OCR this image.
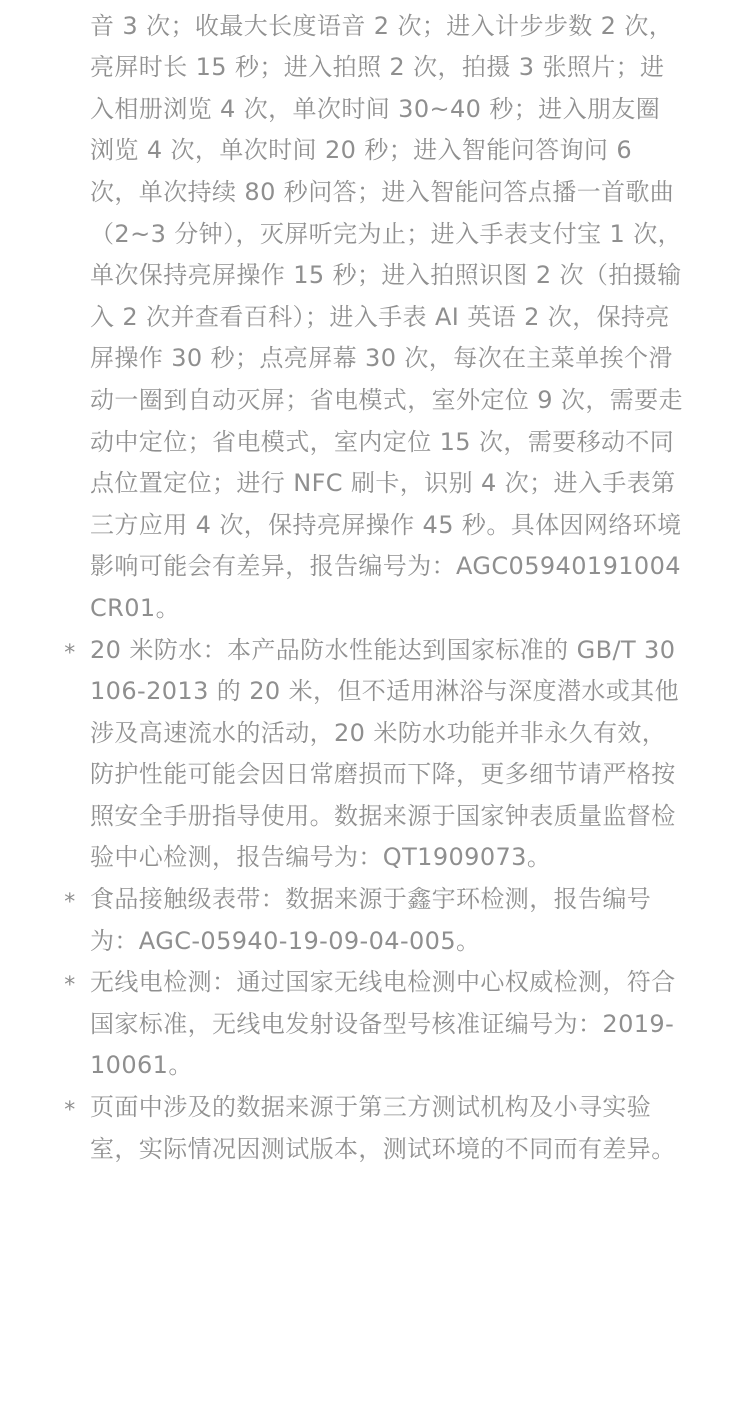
音 3 次；收最大长度语音 2 次；进入计步步数 2 次，亮屏时长 15 秒；进入拍照 2 次，拍摄 3 张照片；进入相册浏览 4 次，单次时间 30~40 秒；进入朋友圈浏览 4 次，单次时间 20 秒；进入智能问答询问 6 次，单次持续 80 秒问答；进入智能问答点播一首歌曲（2~3 分钟），灭屏听完为止；进入手表支付宝 1 次，单次保持亮屏操作 15 秒；进入拍照识图 2 次（拍摄输入 2 次并查看百科）；进入手表 AI 英语 2 次，保持亮屏操作 30 秒；点亮屏幕 30 次，每次在主菜单挨个滑动一圈到自动灭屏；省电模式，室外定位 9 次，需要走动中定位；省电模式，室内定位 15 次，需要移动不同点位置定位；进行 NFC 刷卡，识别 4 次；进入手表第三方应用 4 次，保持亮屏操作 45 秒。具体因网络环境影响可能会有差异，报告编号为：AGC05940191004CR01。
* 20 米防水：本产品防水性能达到国家标准的 GB/T 30106-2013 的 20 米，但不适用淋浴与深度潜水或其他涉及高速流水的活动，20 米防水功能并非永久有效，防护性能可能会因日常磨损而下降，更多细节请严格按照安全手册指导使用。数据来源于国家钟表质量监督检验中心检测，报告编号为：QT1909073。
* 食品接触级表带：数据来源于鑫宇环检测，报告编号为：AGC-05940-19-09-04-005。
* 无线电检测：通过国家无线电检测中心权威检测，符合国家标准，无线电发射设备型号核准证编号为：2019-10061。
* 页面中涉及的数据来源于第三方测试机构及小寻实验室，实际情况因测试版本，测试环境的不同而有差异。
